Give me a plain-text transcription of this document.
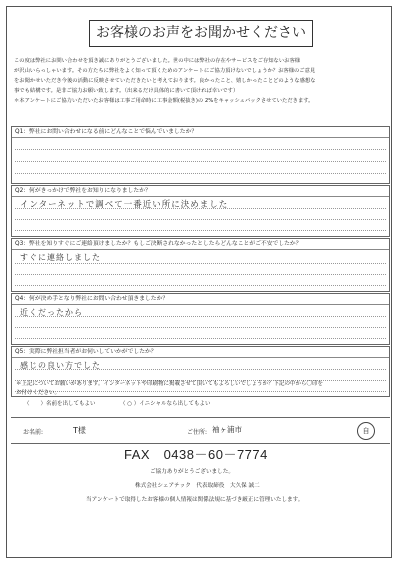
お客様のお声をお聞かせください
この度は弊社にお問い合わせを頂き誠にありがとうございました。世の中には弊社の存在やサービスをご存知ないお客様
が沢山いらっしゃいます。その方たちに弊社をよく知って頂くためのアンケートにご協力頂けないでしょうか？お客様のご意見
をお聞かせいただき今後の活動に反映させていただきたいと考えております。良かったこと、嬉しかったことどのような感想な
事でも結構です。是非ご協力お願い致します。（出来るだけ具体的に書いて頂ければ幸いです）
＊本アンケートにご協力いただいたお客様は工事ご用命時に工事金額(税抜き)の 2%をキャッシュバックさせていただきます。
Q1：弊社にお問い合わせになる前にどんなことで悩んでいましたか？
Q2：何がきっかけで弊社をお知りになりましたか？
インターネットで調べて一番近い所に決めました
Q3：弊社を知りすぐにご連絡頂けましたか？もしご決断されなかったとしたらどんなことがご不安でしたか？
すぐに連絡しました
Q4：何が決め手となり弊社にお問い合わせ頂きましたか？
近くだったから
Q5：実際に弊社担当者がお伺いしていかがでしたか？
感じの良い方でした
＊上記についてお願いがあります。インターネットや印刷物に掲載させて頂いてもよろしいでしょうか？下記の中から〇印を
お付けください。
（　　）名前を出してもよい	（ ○ ）イニシャルなら出してもよい
お名前:	T様	ご住所: 袖ヶ浦市	自
FAX　0438－60－7774
ご協力ありがとうございました。
株式会社シェアテック　代表取締役　大久保 誠二
当アンケートで取得したお客様の個人情報は関係法規に基づき厳正に管理いたします。
